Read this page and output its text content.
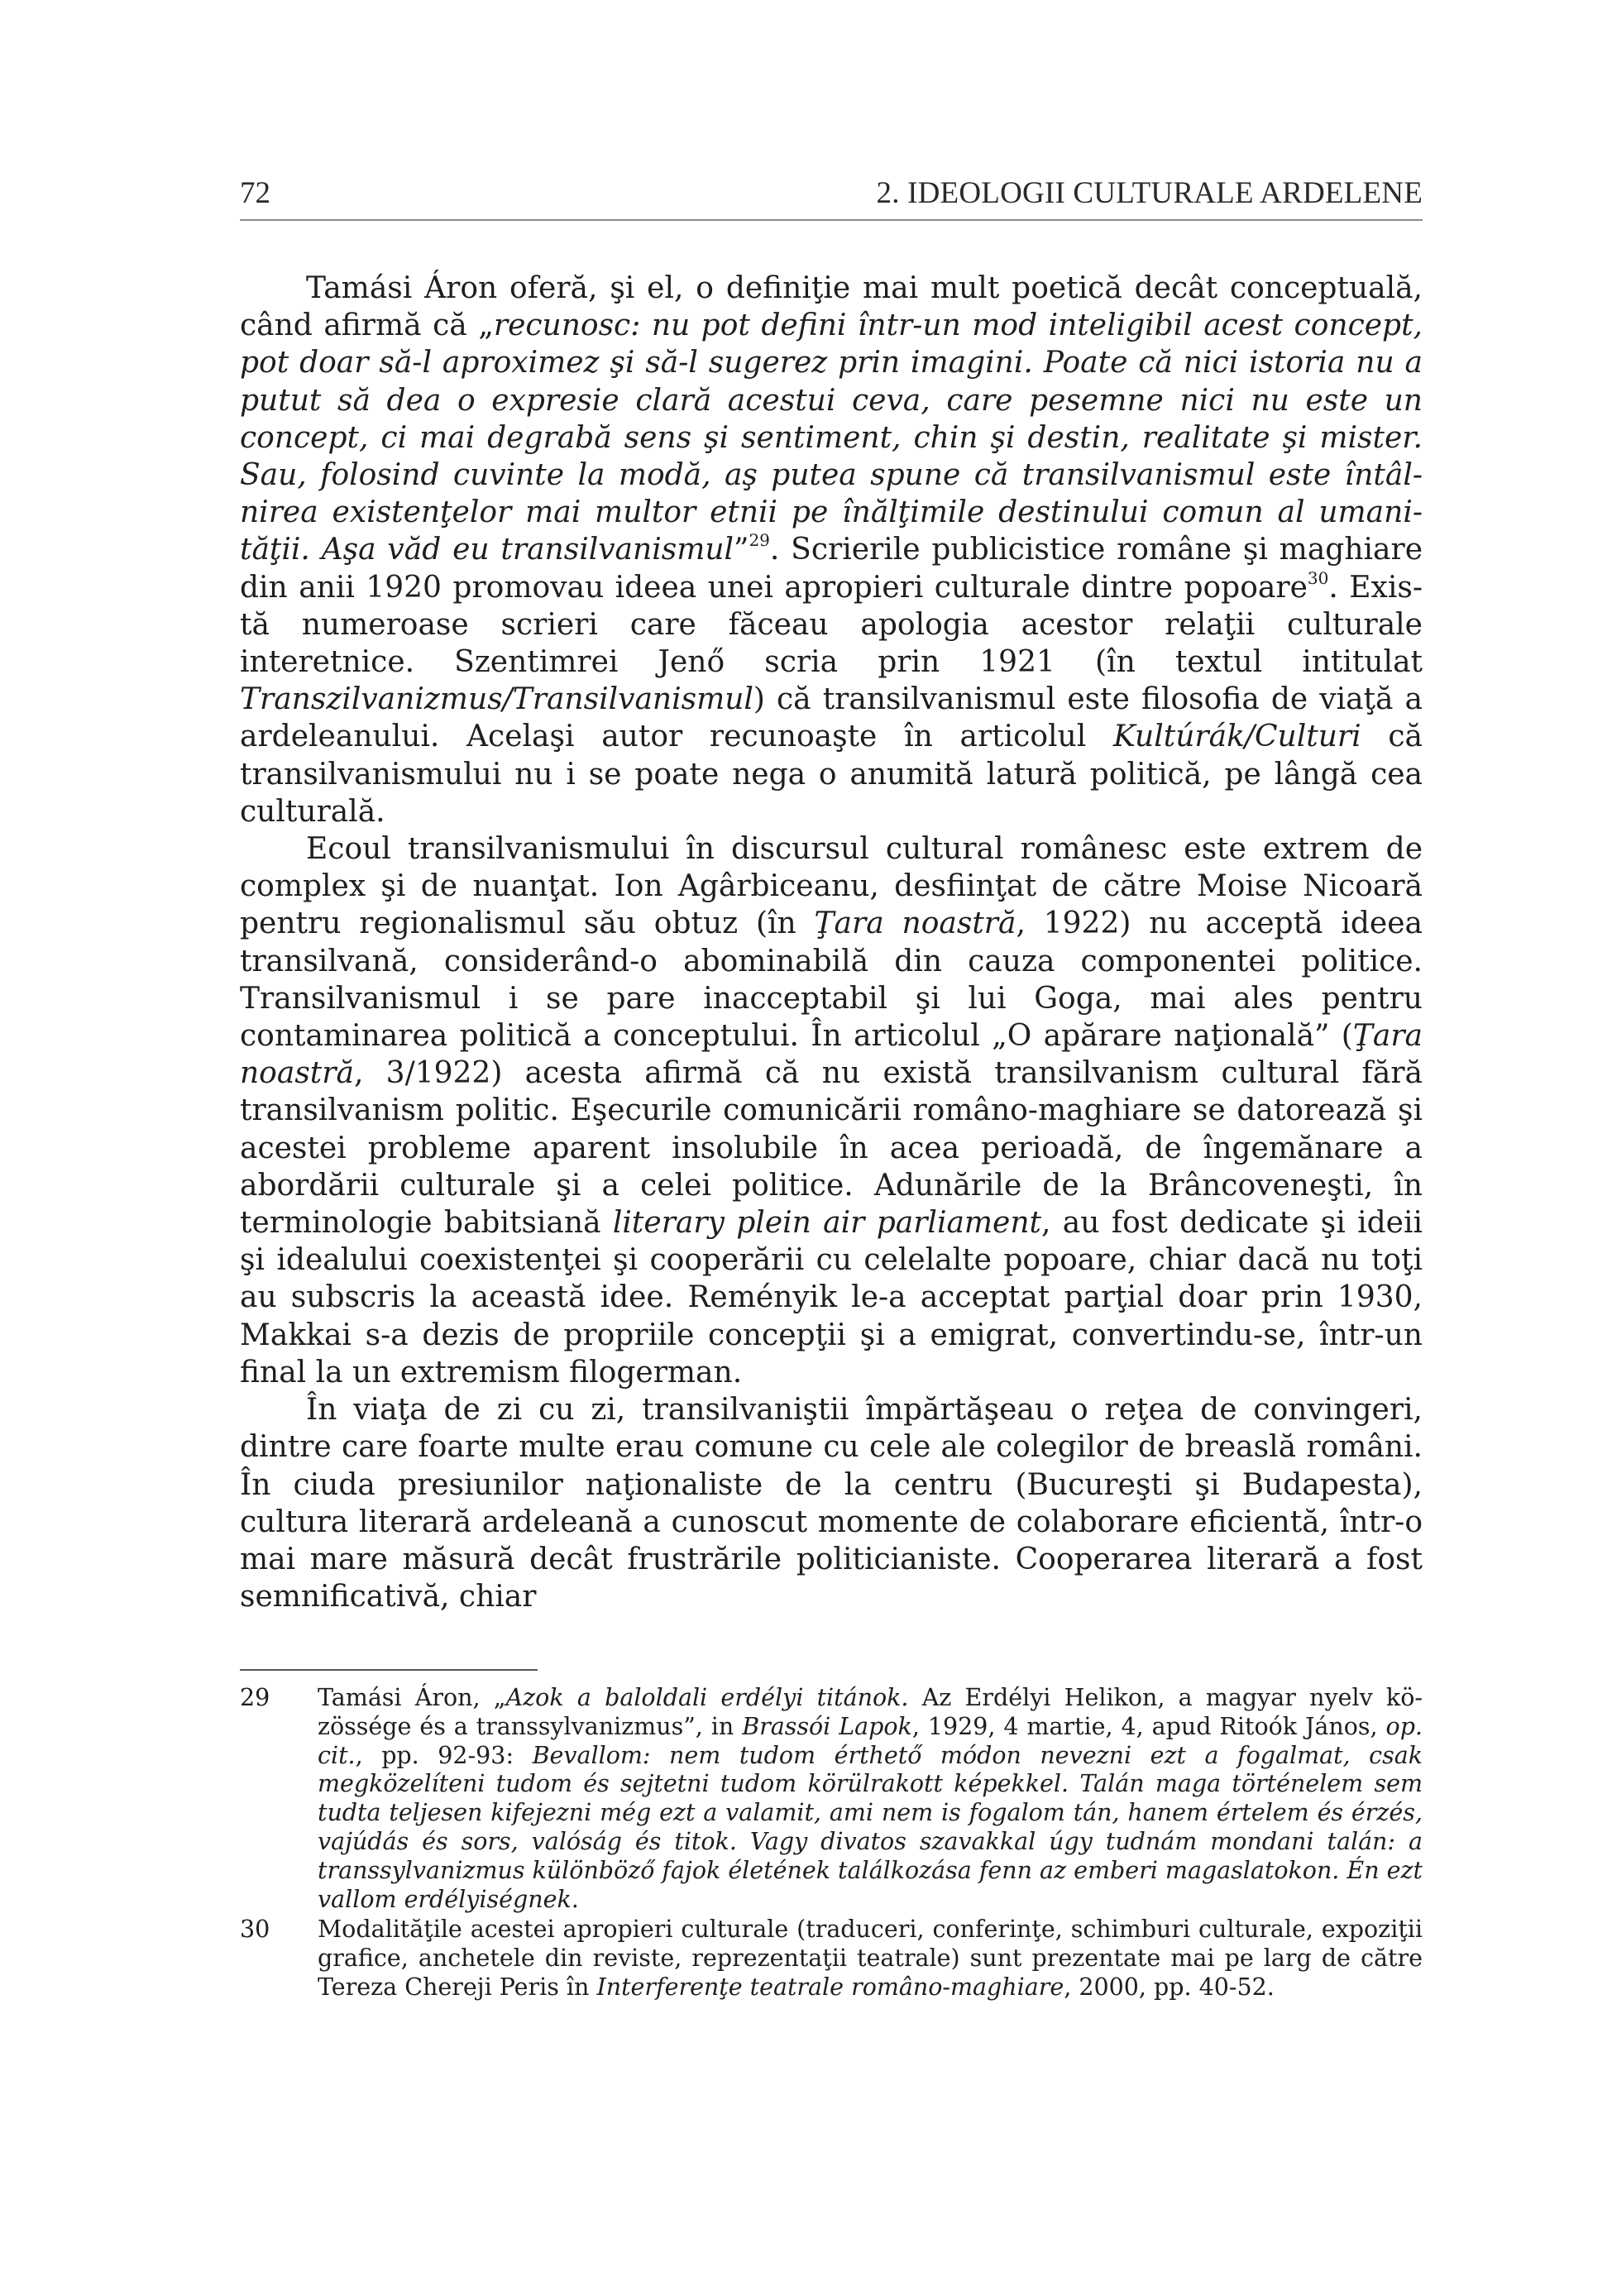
72	2. IDEOLOGII CULTURALE ARDELENE

Tamási Áron oferă, şi el, o definiţie mai mult poetică decât conceptuală, când afirmă că „recunosc: nu pot defini într-un mod inteligibil acest concept, pot doar să-l aproximez şi să-l sugerez prin imagini. Poate că nici istoria nu a putut să dea o expresie clară acestui ceva, care pesemne nici nu este un concept, ci mai degrabă sens şi sentiment, chin şi destin, realitate şi mister. Sau, folosind cuvinte la modă, aş putea spune că transilvanismul este întâlnirea existenţelor mai multor etnii pe înălţimile destinului comun al umanităţii. Aşa văd eu transilvanismul”$^{29}$. Scrierile publicistice române şi maghiare din anii 1920 promovau ideea unei apropieri culturale dintre popoare$^{30}$. Există numeroase scrieri care făceau apologia acestor relaţii culturale interetnice. Szentimrei Jenő scria prin 1921 (în textul intitulat Transzilvanizmus/Transilvanismul) că transilvanismul este filosofia de viaţă a ardeleanului. Acelaşi autor recunoaşte în articolul Kultúrák/Culturi că transilvanismului nu i se poate nega o anumită latură politică, pe lângă cea culturală.

Ecoul transilvanismului în discursul cultural românesc este extrem de complex şi de nuanţat. Ion Agârbiceanu, desfiinţat de către Moise Nicoară pentru regionalismul său obtuz (în Ţara noastră, 1922) nu acceptă ideea transilvană, considerând-o abominabilă din cauza componentei politice. Transilvanismul i se pare inacceptabil şi lui Goga, mai ales pentru contaminarea politică a conceptului. În articolul „O apărare naţională” (Ţara noastră, 3/1922) acesta afirmă că nu există transilvanism cultural fără transilvanism politic. Eşecurile comunicării româno-maghiare se datorează şi acestei probleme aparent insolubile în acea perioadă, de îngemănare a abordării culturale şi a celei politice. Adunările de la Brâncoveneşti, în terminologie babitsiană literary plein air parliament, au fost dedicate şi ideii şi idealului coexistenţei şi cooperării cu celelalte popoare, chiar dacă nu toţi au subscris la această idee. Reményik le-a acceptat parţial doar prin 1930, Makkai s-a dezis de propriile concepţii şi a emigrat, convertindu-se, într-un final la un extremism filogerman.

În viaţa de zi cu zi, transilvaniştii împărtăşeau o reţea de convingeri, dintre care foarte multe erau comune cu cele ale colegilor de breaslă români. În ciuda presiunilor naţionaliste de la centru (Bucureşti şi Budapesta), cultura literară ardeleană a cunoscut momente de colaborare eficientă, într-o mai mare măsură decât frustrările politicianiste. Cooperarea literară a fost semnificativă, chiar

29	Tamási Áron, „Azok a baloldali erdélyi titánok. Az Erdélyi Helikon, a magyar nyelv közössége és a transsylvanizmus”, in Brassói Lapok, 1929, 4 martie, 4, apud Ritoók János, op. cit., pp. 92-93: Bevallom: nem tudom érthető módon nevezni ezt a fogalmat, csak megközelíteni tudom és sejtetni tudom körülrakott képekkel. Talán maga történelem sem tudta teljesen kifejezni még ezt a valamit, ami nem is fogalom tán, hanem értelem és érzés, vajúdás és sors, valóság és titok. Vagy divatos szavakkal úgy tudnám mondani talán: a transsylvanizmus különböző fajok életének találkozása fenn az emberi magaslatokon. Én ezt vallom erdélyiségnek.
30	Modalităţile acestei apropieri culturale (traduceri, conferinţe, schimburi culturale, expoziţii grafice, anchetele din reviste, reprezentaţii teatrale) sunt prezentate mai pe larg de către Tereza Chereji Peris în Interferenţe teatrale româno-maghiare, 2000, pp. 40-52.
